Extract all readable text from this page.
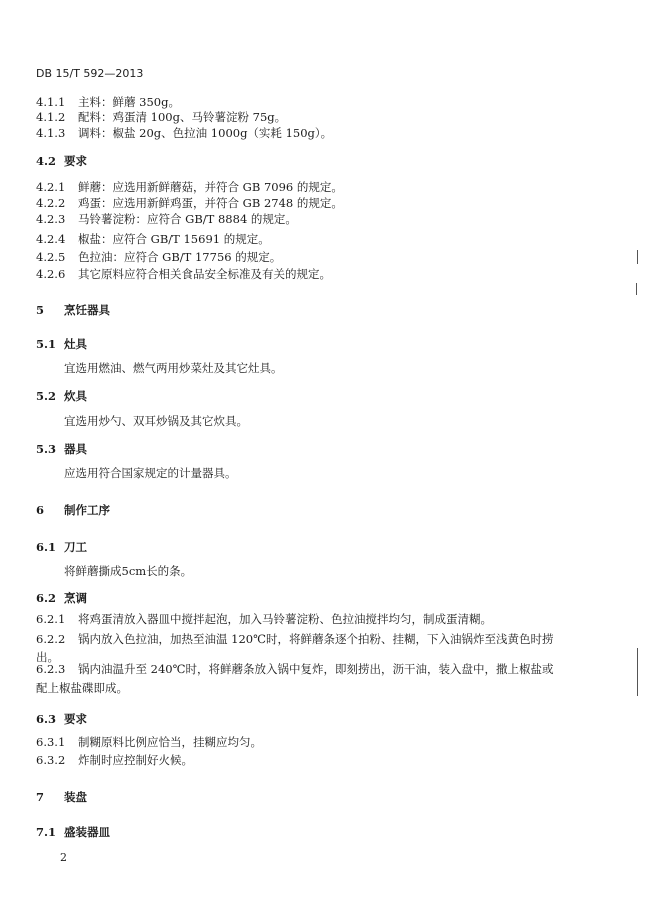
DB 15/T 592—2013
4.1.1 主料：鲜蘑 350g。
4.1.2 配料：鸡蛋清 100g、马铃薯淀粉 75g。
4.1.3 调料：椒盐 20g、色拉油 1000g（实耗 150g）。
4.2 要求
4.2.1 鲜蘑：应选用新鲜蘑菇，并符合 GB 7096 的规定。
4.2.2 鸡蛋：应选用新鲜鸡蛋，并符合 GB 2748 的规定。
4.2.3 马铃薯淀粉：应符合 GB/T 8884 的规定。
4.2.4 椒盐：应符合 GB/T 15691 的规定。
4.2.5 色拉油：应符合 GB/T 17756 的规定。
4.2.6 其它原料应符合相关食品安全标准及有关的规定。
5 烹饪器具
5.1 灶具
宜选用燃油、燃气两用炒菜灶及其它灶具。
5.2 炊具
宜选用炒勺、双耳炒锅及其它炊具。
5.3 器具
应选用符合国家规定的计量器具。
6 制作工序
6.1 刀工
将鲜蘑撕成5cm长的条。
6.2 烹调
6.2.1 将鸡蛋清放入器皿中搅拌起泡，加入马铃薯淀粉、色拉油搅拌均匀，制成蛋清糊。
6.2.2 锅内放入色拉油，加热至油温 120℃时，将鲜蘑条逐个拍粉、挂糊，下入油锅炸至浅黄色时捞
出。
6.2.3 锅内油温升至 240℃时，将鲜蘑条放入锅中复炸，即刻捞出，沥干油，装入盘中，撒上椒盐或
配上椒盐碟即成。
6.3 要求
6.3.1 制糊原料比例应恰当，挂糊应均匀。
6.3.2 炸制时应控制好火候。
7 装盘
7.1 盛装器皿
2
